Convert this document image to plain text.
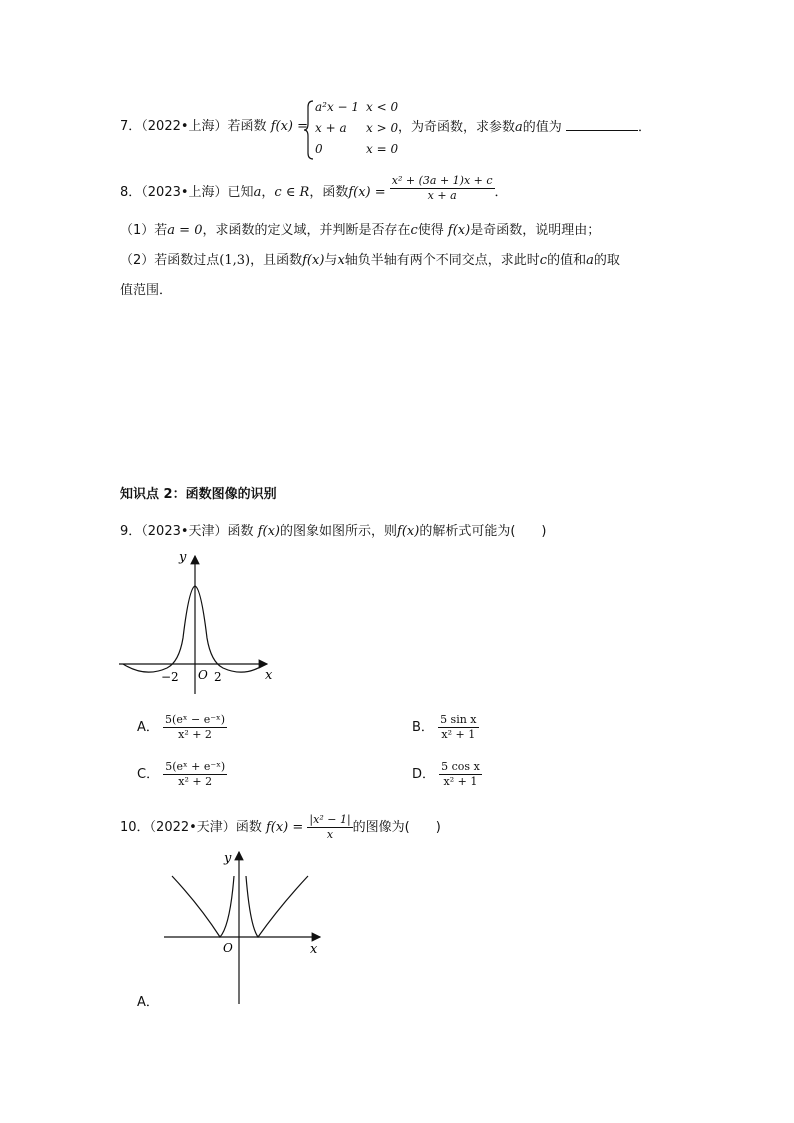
7．（2022•上海）若函数 f(x) =
a²x − 1 x < 0
x + a x > 0
0	x = 0
，为奇函数，求参数a的值为	．
8．（2023•上海）已知a，c ∈ R，函数$f(x) = \frac{\text{x² + (3a + 1)x + c}}{x + a}$ ．
（1）若a = 0，求函数的定义域，并判断是否存在c使得 f(x)是奇函数，说明理由；
（2）若函数过点(1,3)，且函数f(x)与x轴负半轴有两个不同交点，求此时c的值和a的取
值范围．
知识点 2：函数图像的识别
9．（2023•天津）函数 f(x)的图象如图所示，则f(x)的解析式可能为(　　)
y
x
O
−2	2
A． $\frac{\text{5(eˣ − e⁻ˣ)}}{\text{x² + 2}}$	B． $\frac{\text{5 sin x}}{\text{x² + 1}}$
C． $\frac{\text{5(eˣ + e⁻ˣ)}}{\text{x² + 2}}$	D． $\frac{\text{5 cos x}}{\text{x² + 1}}$
10．（2022•天津）函数 $f(x) = \frac{\text{|x² − 1|}}{x}$ 的图像为(　　)
y
x
O
A．
